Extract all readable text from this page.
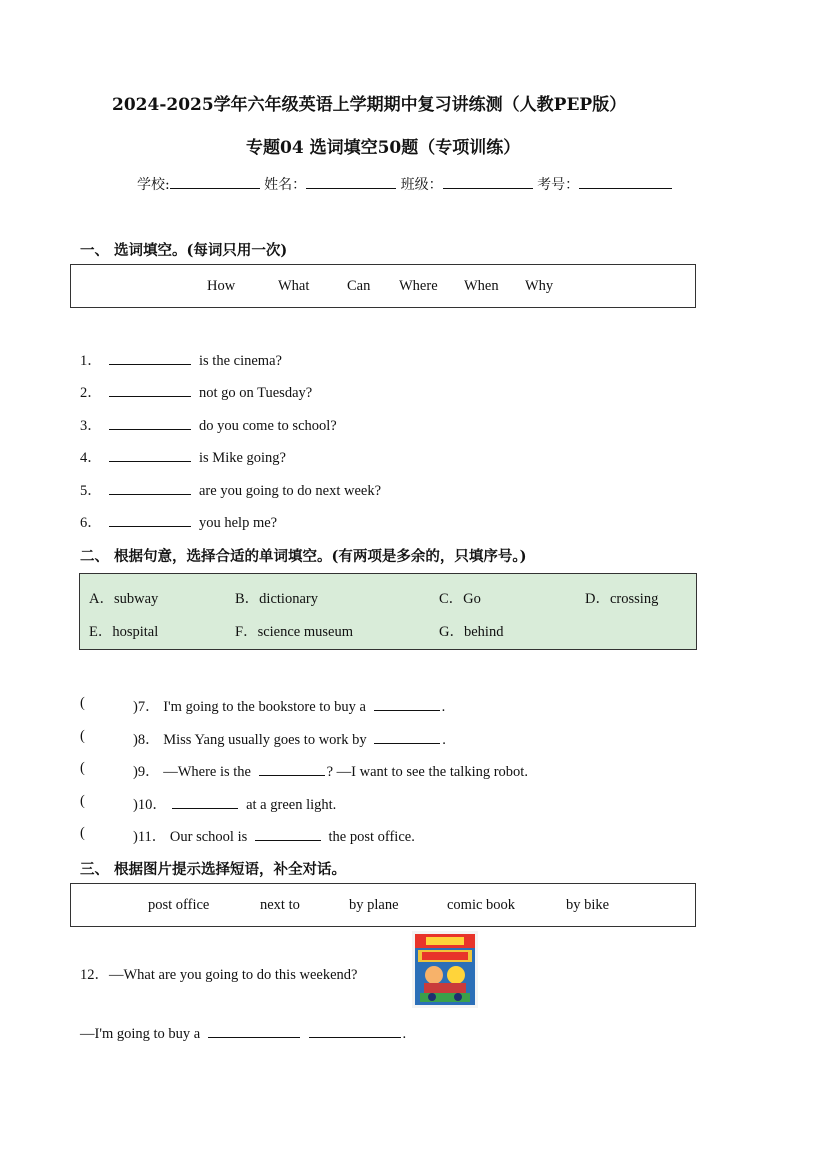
2024-2025学年六年级英语上学期期中复习讲练测（人教PEP版）
专题04 选词填空50题（专项训练）
学校:	姓名：	班级：	考号：
一、 选词填空。(每词只用一次)
How	What	Can Where When Why
1．	is the cinema?
2．	not go on Tuesday?
3．	do you come to school?
4．	is Mike going?
5．	are you going to do next week?
6．	you help me?
二、 根据句意，选择合适的单词填空。(有两项是多余的，只填序号。)
A．subway	B．dictionary	C．Go	D．crossing
E．hospital	F．science museum	G．behind
(	)7． I'm going to the bookstore to buy a	.
(	)8． Miss Yang usually goes to work by	.
(	)9． —Where is the	? —I want to see the talking robot.
(	)10．	at a green light.
(	)11． Our school is	the post office.
三、 根据图片提示选择短语，补全对话。
post office	next to	by plane	comic book	by bike
12．—What are you going to do this weekend?
—I'm going to buy a	.
